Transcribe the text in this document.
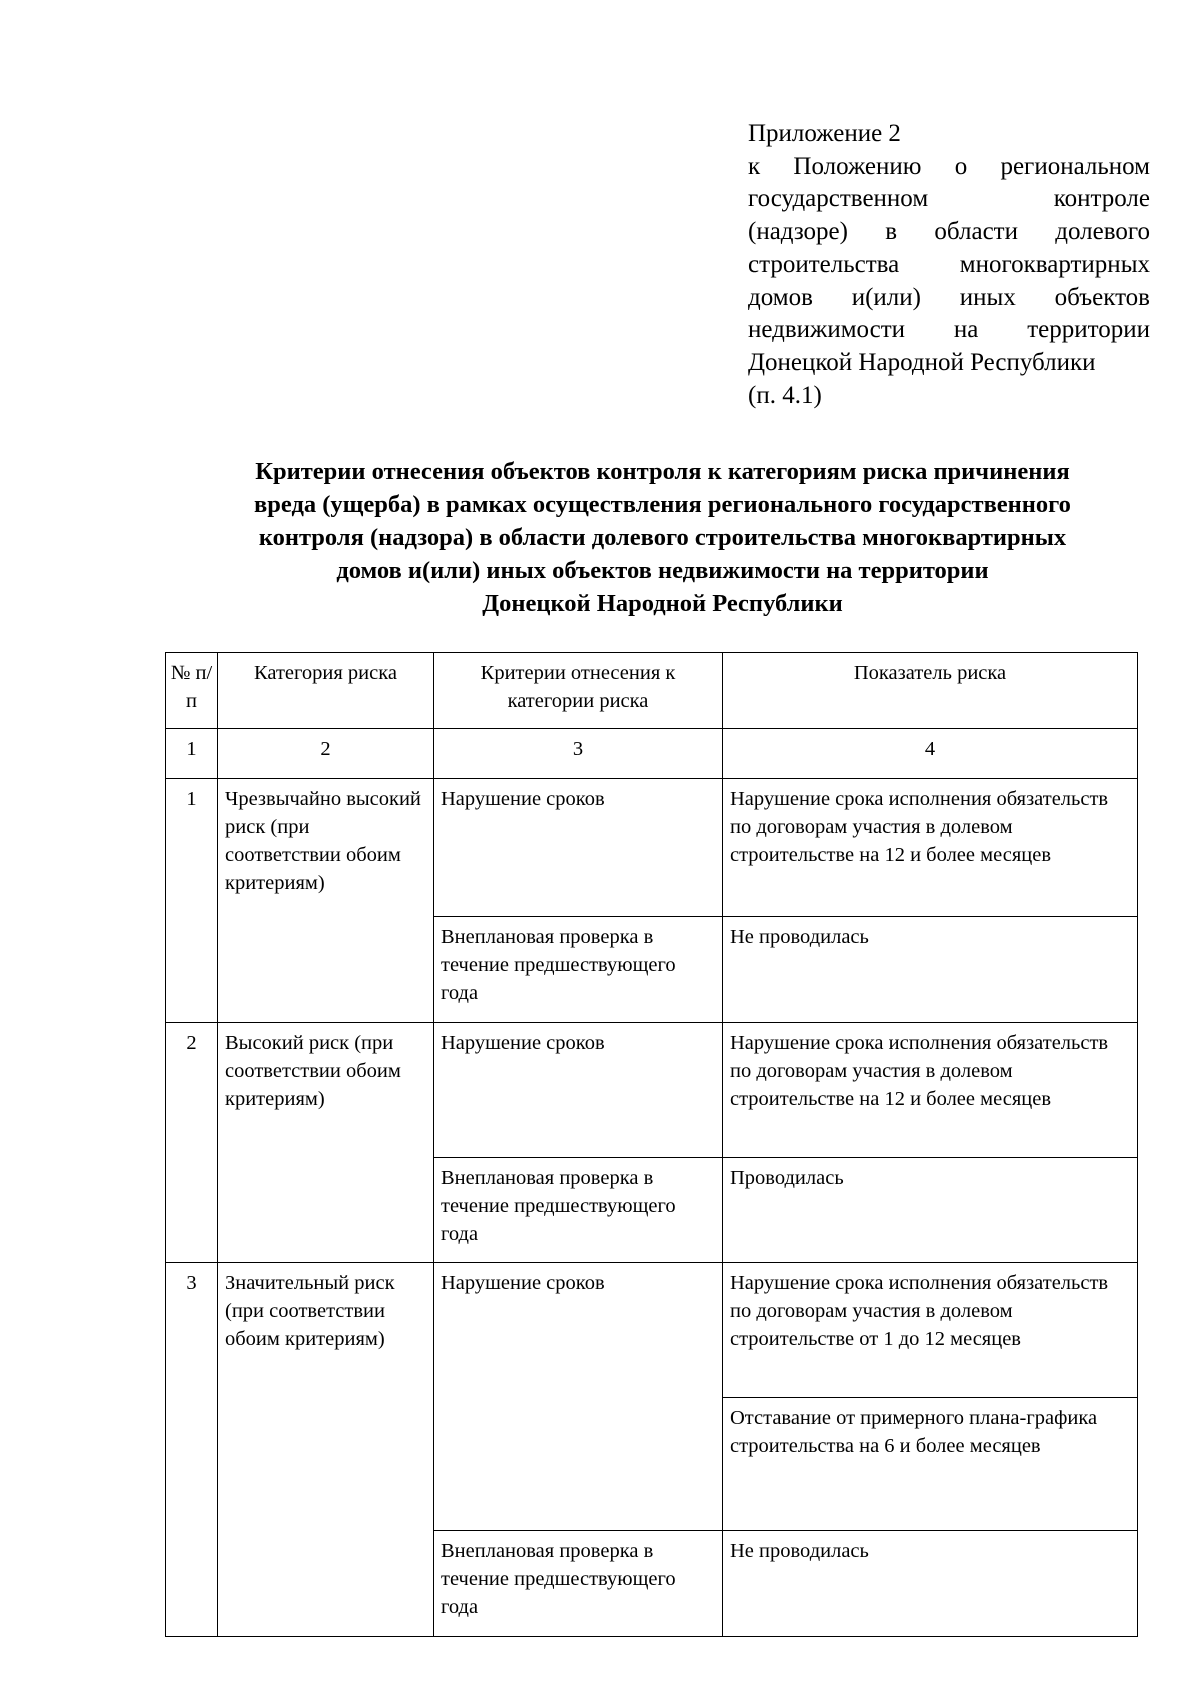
Приложение 2
к Положению о региональном
государственном контроле
(надзоре) в области долевого
строительства многоквартирных
домов и(или) иных объектов
недвижимости на территории
Донецкой Народной Республики
(п. 4.1)
Критерии отнесения объектов контроля к категориям риска причинения
вреда (ущерба) в рамках осуществления регионального государственного
контроля (надзора) в области долевого строительства многоквартирных
домов и(или) иных объектов недвижимости на территории
Донецкой Народной Республики
№ п/п	Категория риска	Критерии отнесения к категории риска	Показатель риска
1	2	3	4
1	Чрезвычайно высокий риск (при соответствии обоим критериям)	Нарушение сроков	Нарушение срока исполнения обязательств по договорам участия в долевом строительстве на 12 и более месяцев
		Внеплановая проверка в течение предшествующего года	Не проводилась
2	Высокий риск (при соответствии обоим критериям)	Нарушение сроков	Нарушение срока исполнения обязательств по договорам участия в долевом строительстве на 12 и более месяцев
		Внеплановая проверка в течение предшествующего года	Проводилась
3	Значительный риск (при соответствии обоим критериям)	Нарушение сроков	Нарушение срока исполнения обязательств по договорам участия в долевом строительстве от 1 до 12 месяцев
			Отставание от примерного плана-графика строительства на 6 и более месяцев
		Внеплановая проверка в течение предшествующего года	Не проводилась
